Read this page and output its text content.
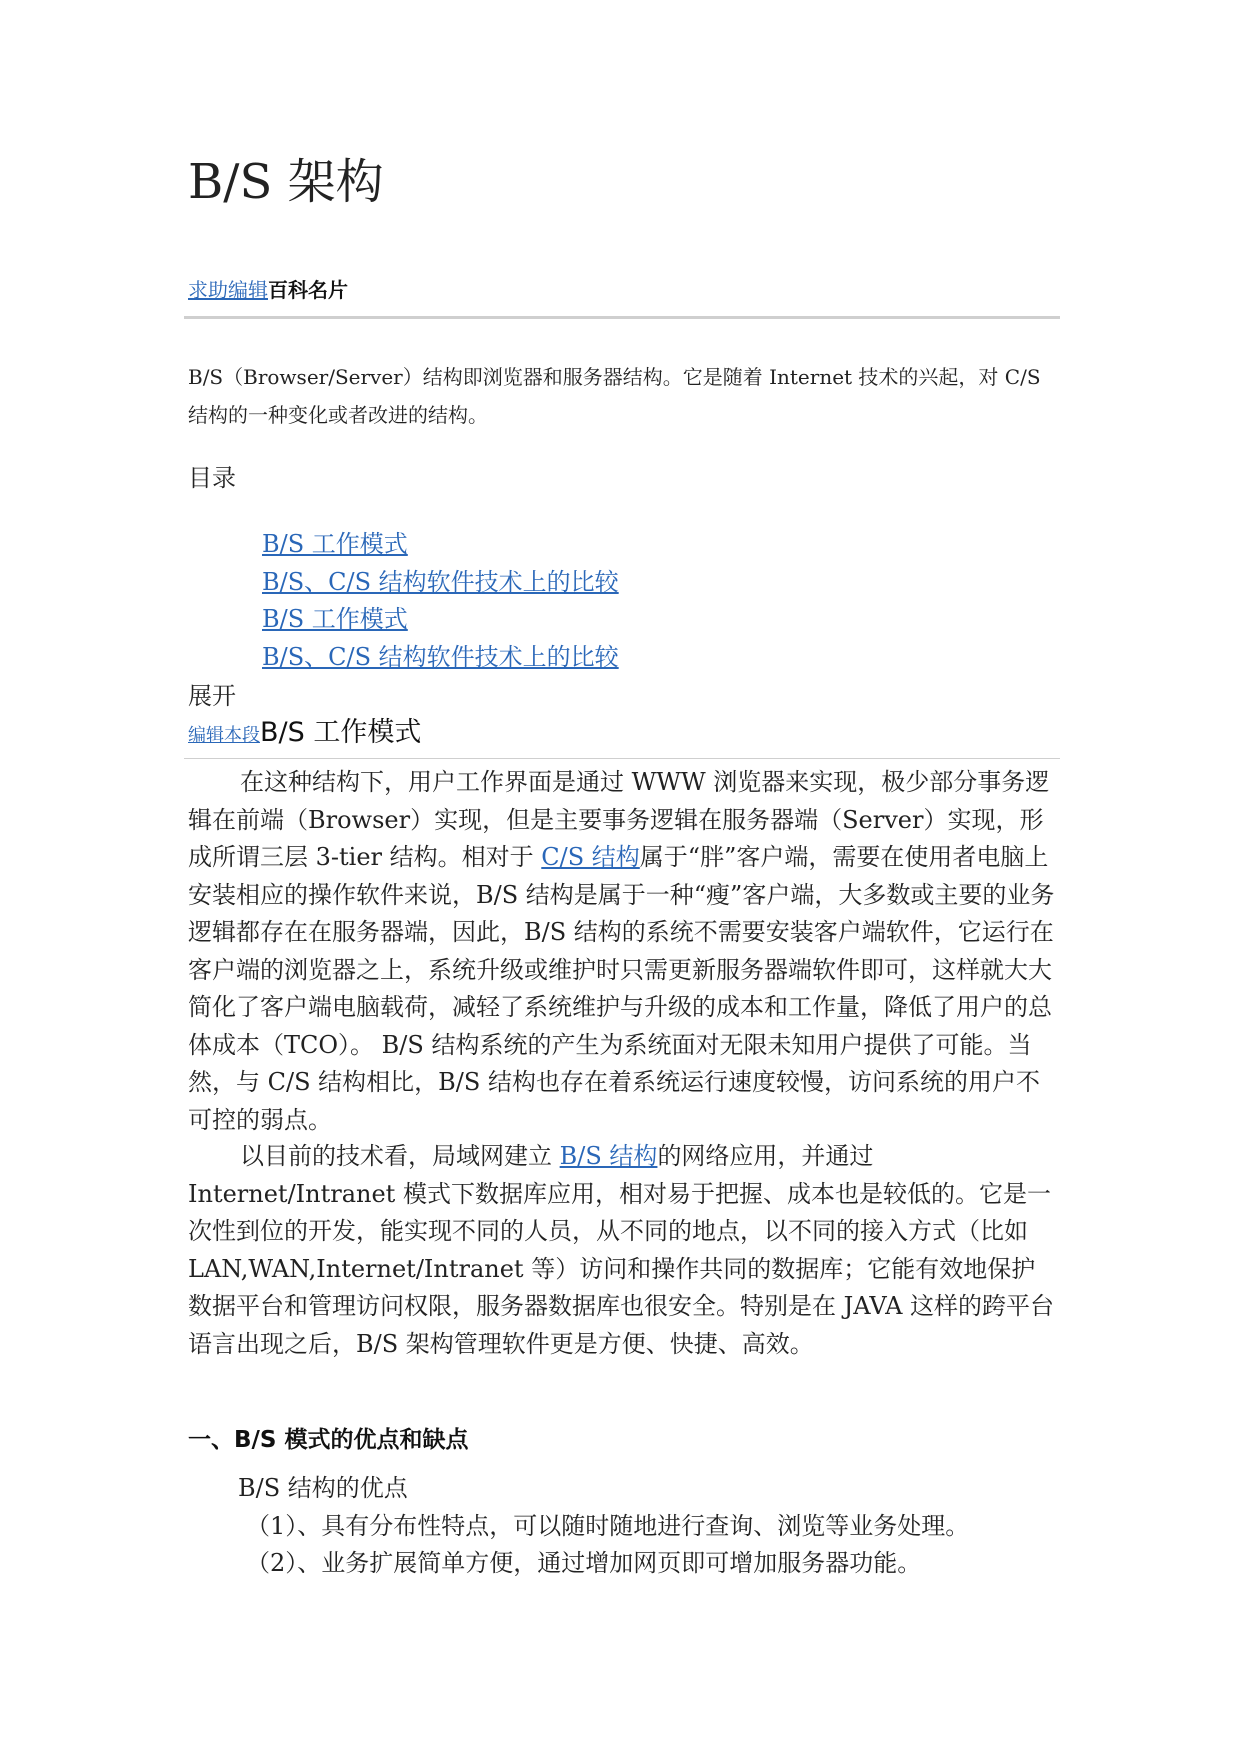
B/S 架构
求助编辑百科名片
B/S（Browser/Server）结构即浏览器和服务器结构。它是随着 Internet 技术的兴起，对 C/S 结构的一种变化或者改进的结构。
目录
B/S 工作模式
B/S、C/S 结构软件技术上的比较
B/S 工作模式
B/S、C/S 结构软件技术上的比较
展开
编辑本段B/S 工作模式

在这种结构下，用户工作界面是通过 WWW 浏览器来实现，极少部分事务逻辑在前端（Browser）实现，但是主要事务逻辑在服务器端（Server）实现，形成所谓三层 3-tier 结构。相对于 C/S 结构属于“胖”客户端，需要在使用者电脑上安装相应的操作软件来说，B/S 结构是属于一种“瘦”客户端，大多数或主要的业务逻辑都存在在服务器端，因此，B/S 结构的系统不需要安装客户端软件，它运行在客户端的浏览器之上，系统升级或维护时只需更新服务器端软件即可，这样就大大简化了客户端电脑载荷，减轻了系统维护与升级的成本和工作量，降低了用户的总体成本（TCO）。 B/S 结构系统的产生为系统面对无限未知用户提供了可能。当然，与 C/S 结构相比，B/S 结构也存在着系统运行速度较慢，访问系统的用户不可控的弱点。

以目前的技术看，局域网建立 B/S 结构的网络应用，并通过 Internet/Intranet 模式下数据库应用，相对易于把握、成本也是较低的。它是一次性到位的开发，能实现不同的人员，从不同的地点，以不同的接入方式（比如 LAN,WAN,Internet/Intranet 等）访问和操作共同的数据库；它能有效地保护数据平台和管理访问权限，服务器数据库也很安全。特别是在 JAVA 这样的跨平台语言出现之后，B/S 架构管理软件更是方便、快捷、高效。

一、B/S 模式的优点和缺点
B/S 结构的优点
（1）、具有分布性特点，可以随时随地进行查询、浏览等业务处理。
（2）、业务扩展简单方便，通过增加网页即可增加服务器功能。
